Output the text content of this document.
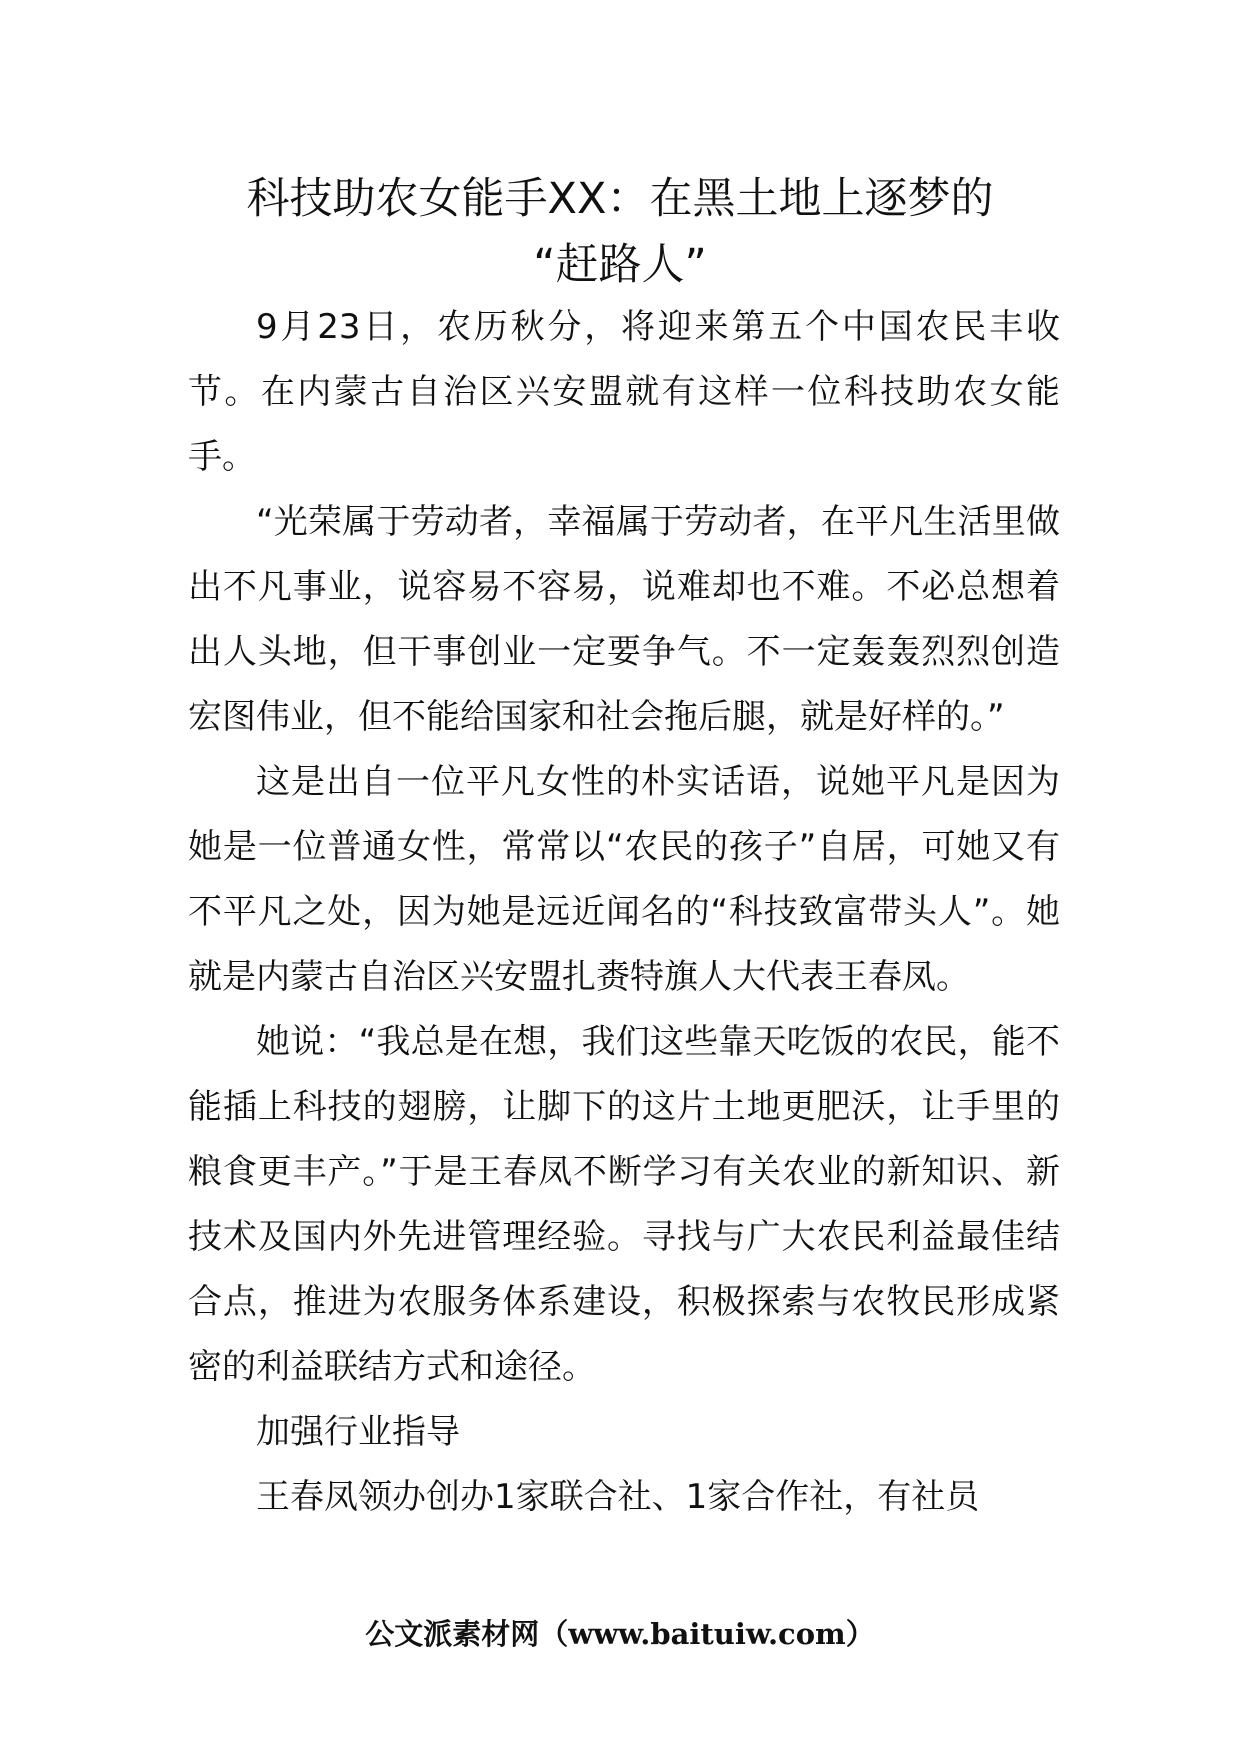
科技助农女能手XX：在黑土地上逐梦的
“赶路人”

9月23日，农历秋分，将迎来第五个中国农民丰收节。在内蒙古自治区兴安盟就有这样一位科技助农女能手。

“光荣属于劳动者，幸福属于劳动者，在平凡生活里做出不凡事业，说容易不容易，说难却也不难。不必总想着出人头地，但干事创业一定要争气。不一定轰轰烈烈创造宏图伟业，但不能给国家和社会拖后腿，就是好样的。”

这是出自一位平凡女性的朴实话语，说她平凡是因为她是一位普通女性，常常以“农民的孩子”自居，可她又有不平凡之处，因为她是远近闻名的“科技致富带头人”。她就是内蒙古自治区兴安盟扎赉特旗人大代表王春凤。

她说：“我总是在想，我们这些靠天吃饭的农民，能不能插上科技的翅膀，让脚下的这片土地更肥沃，让手里的粮食更丰产。”于是王春凤不断学习有关农业的新知识、新技术及国内外先进管理经验。寻找与广大农民利益最佳结合点，推进为农服务体系建设，积极探索与农牧民形成紧密的利益联结方式和途径。

加强行业指导

王春凤领办创办1家联合社、1家合作社，有社员

公文派素材网（www.baituiw.com）
